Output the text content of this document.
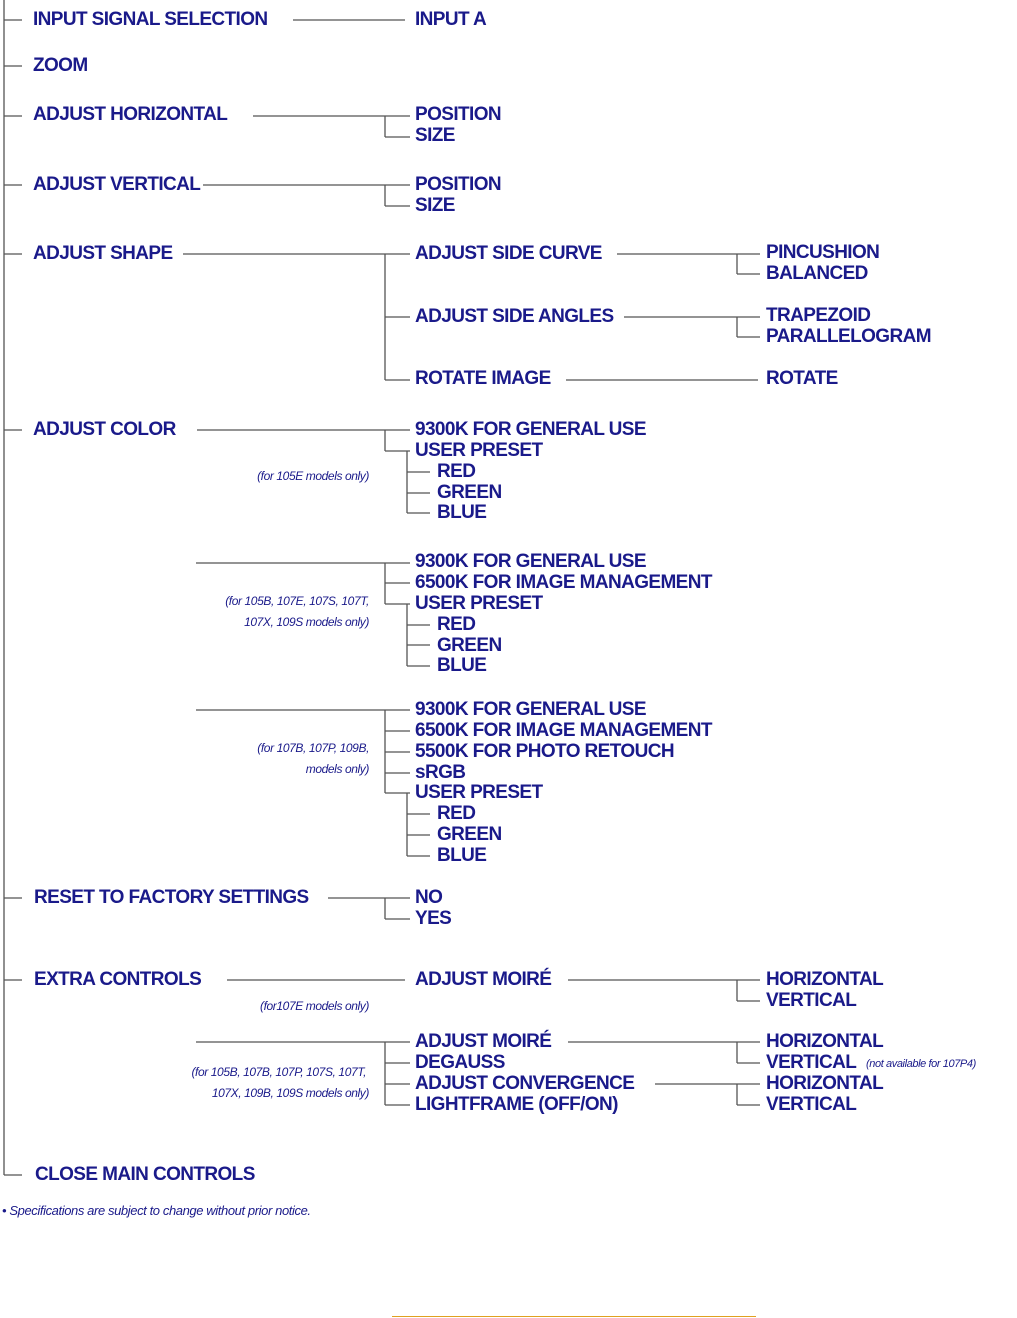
INPUT SIGNAL SELECTION
ZOOM
ADJUST HORIZONTAL
ADJUST VERTICAL
ADJUST SHAPE
ADJUST COLOR
RESET TO FACTORY SETTINGS
EXTRA CONTROLS
CLOSE MAIN CONTROLS
INPUT A
POSITION
SIZE
POSITION
SIZE
ADJUST SIDE CURVE	PINCUSHION
BALANCED
ADJUST SIDE ANGLES	TRAPEZOID
PARALLELOGRAM
ROTATE IMAGE	ROTATE
(for 105E models only)
9300K FOR GENERAL USE
USER PRESET
RED
GREEN
BLUE
(for 105B, 107E, 107S, 107T,
107X, 109S models only)
9300K FOR GENERAL USE
6500K FOR IMAGE MANAGEMENT
USER PRESET
RED
GREEN
BLUE
(for 107B, 107P, 109B,
models only)
9300K FOR GENERAL USE
6500K FOR IMAGE MANAGEMENT
5500K FOR PHOTO RETOUCH
sRGB
USER PRESET
RED
GREEN
BLUE
NO
YES
(for107E models only)
ADJUST MOIRÉ	HORIZONTAL
VERTICAL
(for 105B, 107B, 107P, 107S, 107T,
107X, 109B, 109S models only)
ADJUST MOIRÉ
DEGAUSS
ADJUST CONVERGENCE
LIGHTFRAME (OFF/ON)
HORIZONTAL
VERTICAL (not available for 107P4)
HORIZONTAL
VERTICAL
• Specifications are subject to change without prior notice.
